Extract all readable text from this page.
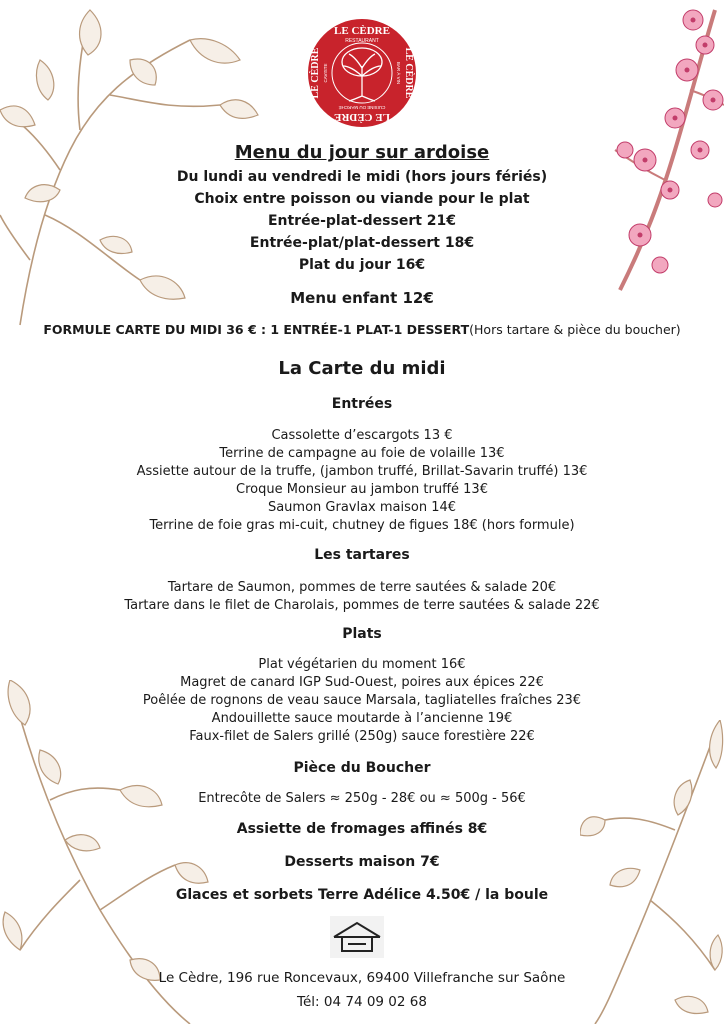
LE CÈDRE
RESTAURANT
LE CÈDRE
CUISINE DU MARCHÉ
LE CÈDRE CAVISTE	LE CÈDRE
BAR À VIN
Menu du jour sur ardoise
Du lundi au vendredi le midi (hors jours fériés)
Choix entre poisson ou viande pour le plat
Entrée-plat-dessert 21€
Entrée-plat/plat-dessert 18€
Plat du jour 16€
Menu enfant 12€
FORMULE CARTE DU MIDI 36 € : 1 ENTRÉE-1 PLAT-1 DESSERT(Hors tartare & pièce du boucher)
La Carte du midi
Entrées
Cassolette d’escargots 13 €
Terrine de campagne au foie de volaille 13€
Assiette autour de la truffe, (jambon truffé, Brillat-Savarin truffé) 13€
Croque Monsieur au jambon truffé 13€
Saumon Gravlax maison 14€
Terrine de foie gras mi-cuit, chutney de figues 18€ (hors formule)
Les tartares
Tartare de Saumon, pommes de terre sautées & salade 20€
Tartare dans le filet de Charolais, pommes de terre sautées & salade 22€
Plats
Plat végétarien du moment 16€
Magret de canard IGP Sud-Ouest, poires aux épices 22€
Poêlée de rognons de veau sauce Marsala, tagliatelles fraîches 23€
Andouillette sauce moutarde à l’ancienne 19€
Faux-filet de Salers grillé (250g) sauce forestière 22€
Pièce du Boucher
Entrecôte de Salers ≈ 250g - 28€ ou ≈ 500g - 56€
Assiette de fromages affinés 8€
Desserts maison 7€
Glaces et sorbets Terre Adélice 4.50€ / la boule
Le Cèdre, 196 rue Roncevaux, 69400 Villefranche sur Saône
Tél: 04 74 09 02 68
